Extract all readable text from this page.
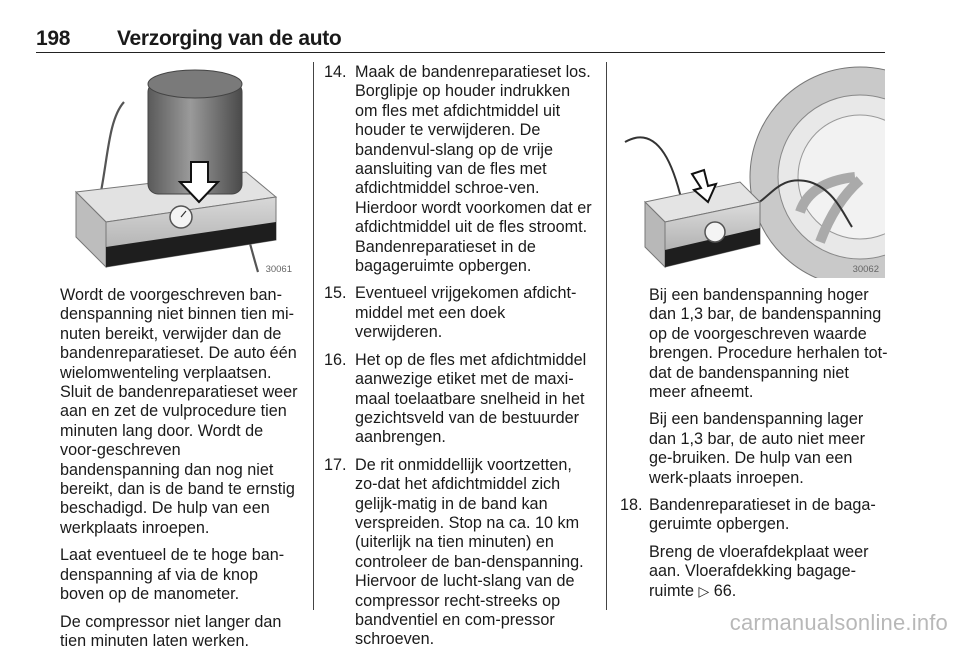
198 Verzorging van de auto
30061

Wordt de voorgeschreven ban-denspanning niet binnen tien mi-nuten bereikt, verwijder dan de bandenreparatieset. De auto één wielomwenteling verplaatsen. Sluit de bandenreparatieset weer aan en zet de vulprocedure tien minuten lang door. Wordt de voor-geschreven bandenspanning dan nog niet bereikt, dan is de band te ernstig beschadigd. De hulp van een werkplaats inroepen.

Laat eventueel de te hoge ban-denspanning af via de knop boven op de manometer.

De compressor niet langer dan tien minuten laten werken.

14. Maak de bandenreparatieset los. Borglipje op houder indrukken om fles met afdichtmiddel uit houder te verwijderen. De bandenvul-slang op de vrije aansluiting van de fles met afdichtmiddel schroe-ven. Hierdoor wordt voorkomen dat er afdichtmiddel uit de fles stroomt. Bandenreparatieset in de bagageruimte opbergen.
15. Eventueel vrijgekomen afdicht-middel met een doek verwijderen.
16. Het op de fles met afdichtmiddel aanwezige etiket met de maxi-maal toelaatbare snelheid in het gezichtsveld van de bestuurder aanbrengen.
17. De rit onmiddellijk voortzetten, zo-dat het afdichtmiddel zich gelijk-matig in de band kan verspreiden. Stop na ca. 10 km (uiterlijk na tien minuten) en controleer de ban-denspanning. Hiervoor de lucht-slang van de compressor recht-streeks op bandventiel en com-pressor schroeven.
30062

Bij een bandenspanning hoger dan 1,3 bar, de bandenspanning op de voorgeschreven waarde brengen. Procedure herhalen tot-dat de bandenspanning niet meer afneemt.

Bij een bandenspanning lager dan 1,3 bar, de auto niet meer ge-bruiken. De hulp van een werk-plaats inroepen.

18. Bandenreparatieset in de baga-geruimte opbergen.

Breng de vloerafdekplaat weer aan. Vloerafdekking bagage-ruimte ▷ 66.

carmanualsonline.info
